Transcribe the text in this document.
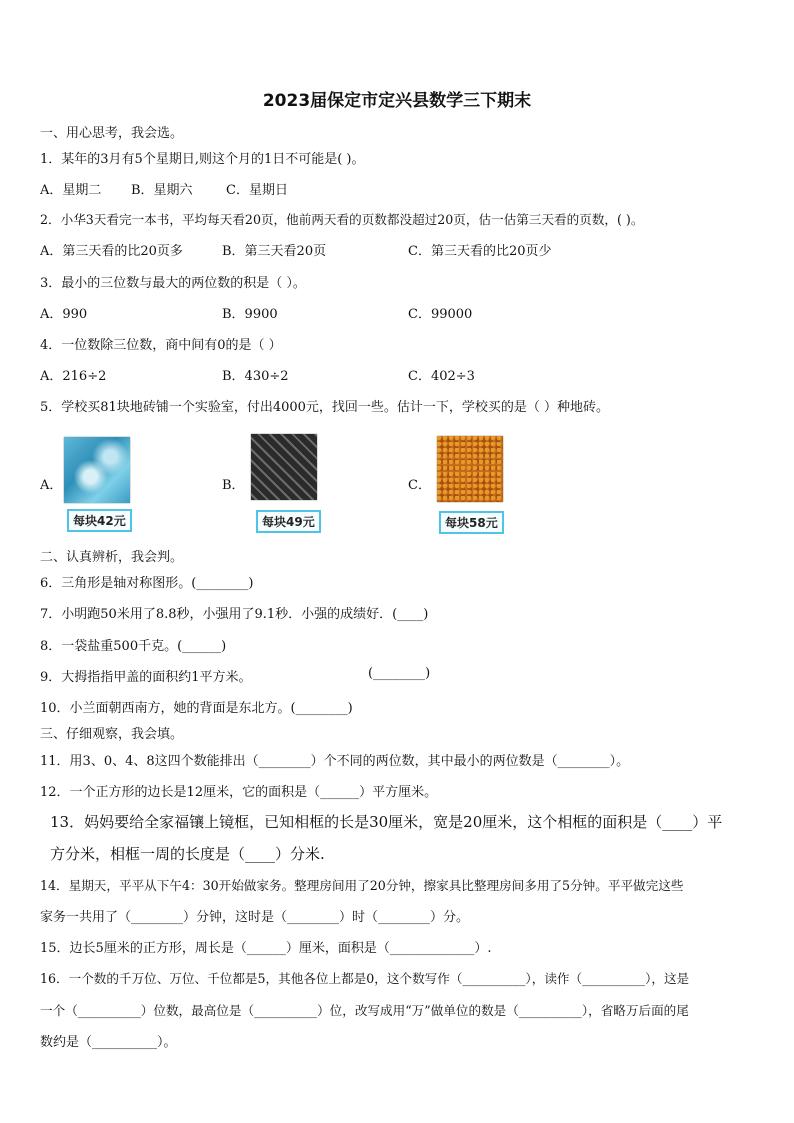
2023届保定市定兴县数学三下期末
一、用心思考，我会选。
1．某年的3月有5个星期日,则这个月的1日不可能是( )。
A．星期二 B．星期六	C．星期日
2．小华3天看完一本书，平均每天看20页，他前两天看的页数都没超过20页，估一估第三天看的页数，( )。
A．第三天看的比20页多	B．第三天看20页	C．第三天看的比20页少
3．最小的三位数与最大的两位数的积是（ ）。
A．990	B．9900	C．99000
4．一位数除三位数，商中间有0的是（ ）
A．216÷2	B．430÷2	C．402÷3
5．学校买81块地砖铺一个实验室，付出4000元，找回一些。估计一下，学校买的是（ ）种地砖。
A．
每块42元
B．
每块49元
C．
每块58元
二、认真辨析，我会判。
6．三角形是轴对称图形。(________)
7．小明跑50米用了8.8秒，小强用了9.1秒．小强的成绩好．(____)
8．一袋盐重500千克。(______)
9．大拇指指甲盖的面积约1平方米。	(________)
10．小兰面朝西南方，她的背面是东北方。(________)
三、仔细观察，我会填。
11．用3、0、4、8这四个数能排出（________）个不同的两位数，其中最小的两位数是（________）。
12．一个正方形的边长是12厘米，它的面积是（______）平方厘米。
13．妈妈要给全家福镶上镜框，已知相框的长是30厘米，宽是20厘米，这个相框的面积是（____）平
方分米，相框一周的长度是（____）分米.
14．星期天，平平从下午4：30开始做家务。整理房间用了20分钟，擦家具比整理房间多用了5分钟。平平做完这些
家务一共用了（________）分钟，这时是（________）时（________）分。
15．边长5厘米的正方形，周长是（______）厘米，面积是（_____________）.
16．一个数的千万位、万位、千位都是5，其他各位上都是0，这个数写作（__________），读作（__________），这是
一个（__________）位数，最高位是（__________）位，改写成用“万”做单位的数是（__________），省略万后面的尾
数约是（__________）。
